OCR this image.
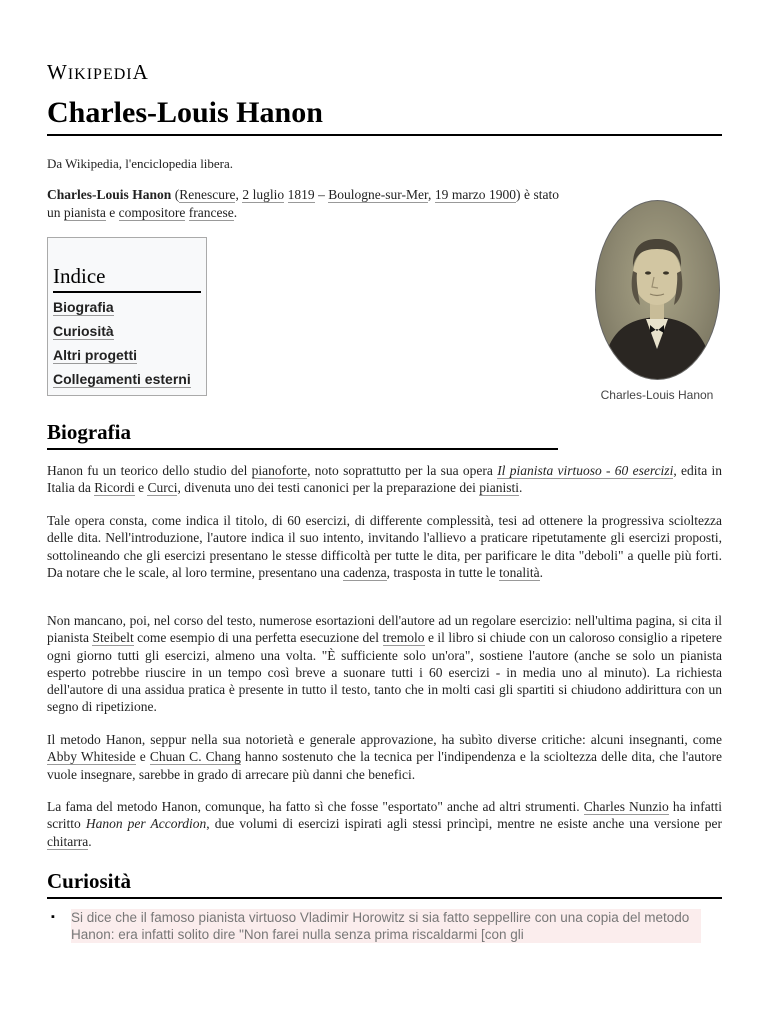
WIKIPEDIA
Charles-Louis Hanon
Da Wikipedia, l'enciclopedia libera.
Charles-Louis Hanon (Renescure, 2 luglio 1819 – Boulogne-sur-Mer, 19 marzo 1900) è stato un pianista e compositore francese.
Indice
Biografia
Curiosità
Altri progetti
Collegamenti esterni
Charles-Louis Hanon
Biografia
Hanon fu un teorico dello studio del pianoforte, noto soprattutto per la sua opera Il pianista virtuoso - 60 esercizi, edita in Italia da Ricordi e Curci, divenuta uno dei testi canonici per la preparazione dei pianisti.
Tale opera consta, come indica il titolo, di 60 esercizi, di differente complessità, tesi ad ottenere la progressiva scioltezza delle dita. Nell'introduzione, l'autore indica il suo intento, invitando l'allievo a praticare ripetutamente gli esercizi proposti, sottolineando che gli esercizi presentano le stesse difficoltà per tutte le dita, per parificare le dita "deboli" a quelle più forti. Da notare che le scale, al loro termine, presentano una cadenza, trasposta in tutte le tonalità.
Non mancano, poi, nel corso del testo, numerose esortazioni dell'autore ad un regolare esercizio: nell'ultima pagina, si cita il pianista Steibelt come esempio di una perfetta esecuzione del tremolo e il libro si chiude con un caloroso consiglio a ripetere ogni giorno tutti gli esercizi, almeno una volta. "È sufficiente solo un'ora", sostiene l'autore (anche se solo un pianista esperto potrebbe riuscire in un tempo così breve a suonare tutti i 60 esercizi - in media uno al minuto). La richiesta dell'autore di una assidua pratica è presente in tutto il testo, tanto che in molti casi gli spartiti si chiudono addirittura con un segno di ripetizione.
Il metodo Hanon, seppur nella sua notorietà e generale approvazione, ha subìto diverse critiche: alcuni insegnanti, come Abby Whiteside e Chuan C. Chang hanno sostenuto che la tecnica per l'indipendenza e la scioltezza delle dita, che l'autore vuole insegnare, sarebbe in grado di arrecare più danni che benefici.
La fama del metodo Hanon, comunque, ha fatto sì che fosse "esportato" anche ad altri strumenti. Charles Nunzio ha infatti scritto Hanon per Accordion, due volumi di esercizi ispirati agli stessi princìpi, mentre ne esiste anche una versione per chitarra.
Curiosità
▪ Si dice che il famoso pianista virtuoso Vladimir Horowitz si sia fatto seppellire con una copia del metodo Hanon: era infatti solito dire "Non farei nulla senza prima riscaldarmi [con gli
